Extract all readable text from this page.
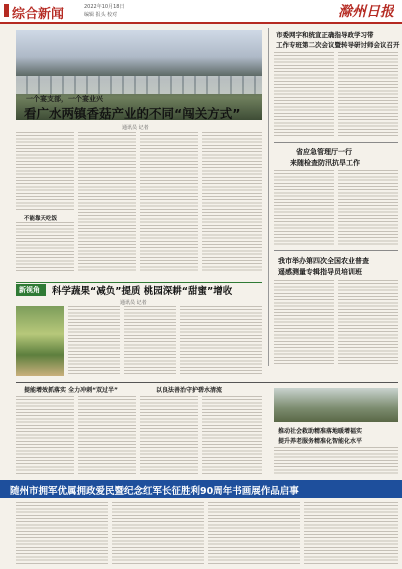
综合新闻	2022年10月18日
编辑 报头 校对	滁州日报
一个宴支部，一个宴业兴
看广水两镇香菇产业的不同“闯关方式”
通讯员 记者
不能靠天吃饭
新视角 科学蔬果“减负”提质 桃园深耕“甜蜜”增收
通讯员 记者
市委网字和统宣正确指导政学习带
工作专班第二次会议暨转导研讨师会议召开
省应急管理厅一行
来随检查防汛抗旱工作
我市举办第四次全国农业普查
遥感测量专辑指导员培训班
提能增效抓落实 全力冲刺“双过半”	以良法善治守护碧水清流
推动社会救助精准落地暖增福实
提升养老服务精准化智能化水平
随州市拥军优属拥政爱民暨纪念红军长征胜利90周年书画展作品启事
